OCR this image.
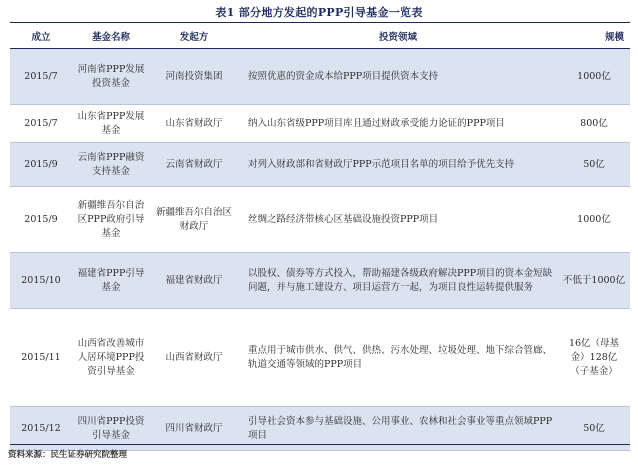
表1 部分地方发起的PPP引导基金一览表
成立	基金名称	发起方	投资领域	规模
2015/7	河南省PPP发展投资基金	河南投资集团	按照优惠的资金成本给PPP项目提供资本支持	1000亿
2015/7	山东省PPP发展基金	山东省财政厅	纳入山东省级PPP项目库且通过财政承受能力论证的PPP项目	800亿
2015/9	云南省PPP融资支持基金	云南省财政厅	对列入财政部和省财政厅PPP示范项目名单的项目给予优先支持	50亿
2015/9	新疆维吾尔自治区PPP政府引导基金	新疆维吾尔自治区财政厅	丝绸之路经济带核心区基础设施投资PPP项目	1000亿
2015/10	福建省PPP引导基金	福建省财政厅	以股权、债券等方式投入，帮助福建各级政府解决PPP项目的资本金短缺问题，并与施工建设方、项目运营方一起，为项目良性运转提供服务	不低于1000亿
2015/11	山西省改善城市人居环境PPP投资引导基金	山西省财政厅	重点用于城市供水、供气、供热、污水处理、垃圾处理、地下综合管廊、轨道交通等领域的PPP项目	16亿（母基金）128亿（子基金）
2015/12	四川省PPP投资引导基金	四川省财政厅	引导社会资本参与基础设施、公用事业、农林和社会事业等重点领域PPP项目	50亿
资料来源：民生证券研究院整理
